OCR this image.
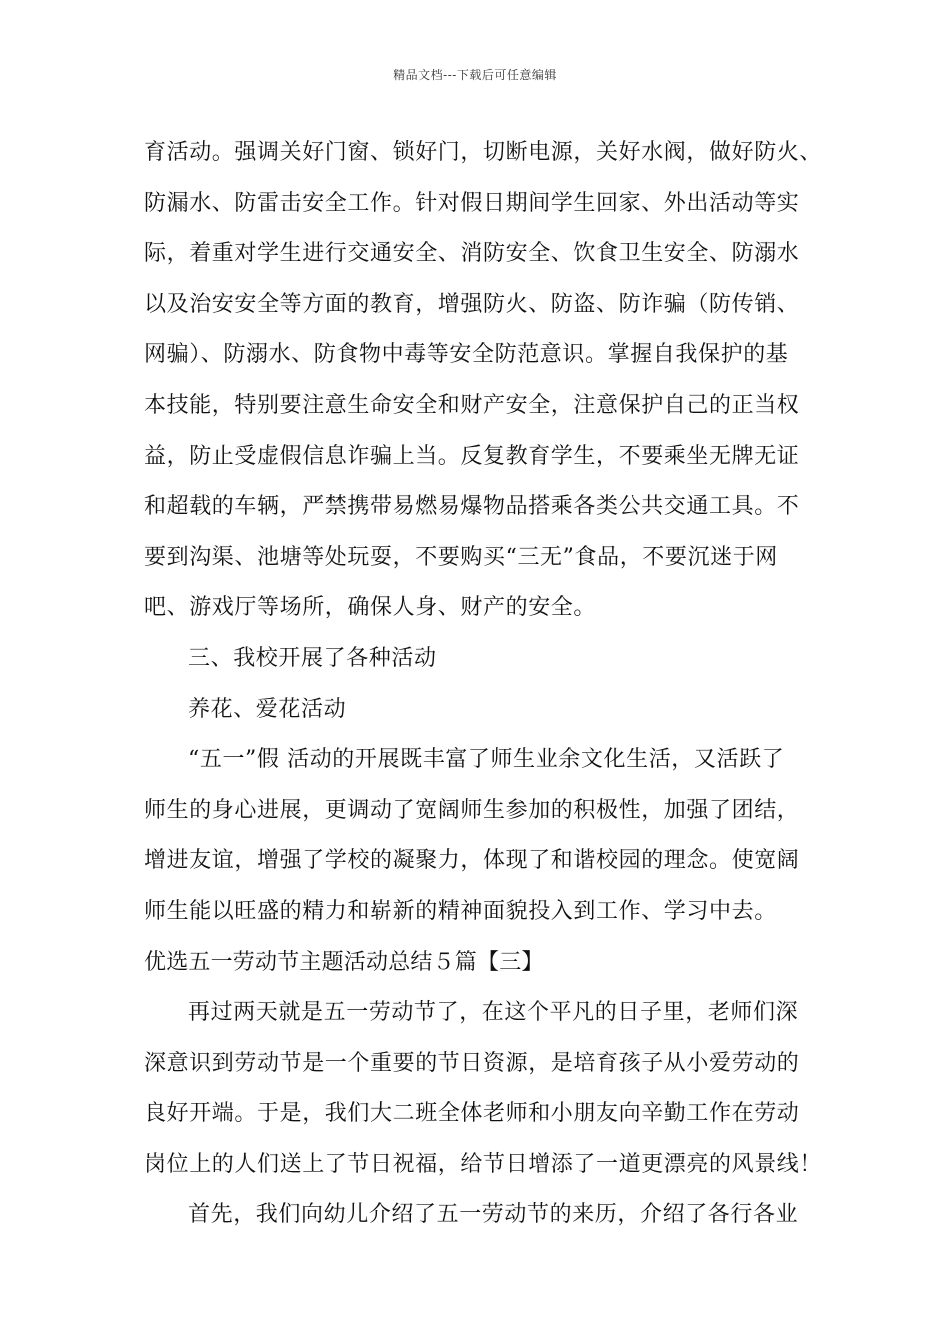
精品文档---下载后可任意编辑
育活动。强调关好门窗、锁好门，切断电源，关好水阀，做好防火、
防漏水、防雷击安全工作。针对假日期间学生回家、外出活动等实
际，着重对学生进行交通安全、消防安全、饮食卫生安全、防溺水
以及治安安全等方面的教育，增强防火、防盗、防诈骗（防传销、
网骗）、防溺水、防食物中毒等安全防范意识。掌握自我保护的基
本技能，特别要注意生命安全和财产安全，注意保护自己的正当权
益，防止受虚假信息诈骗上当。反复教育学生，不要乘坐无牌无证
和超载的车辆，严禁携带易燃易爆物品搭乘各类公共交通工具。不
要到沟渠、池塘等处玩耍，不要购买“三无”食品，不要沉迷于网
吧、游戏厅等场所，确保人身、财产的安全。
三、我校开展了各种活动
养花、爱花活动
“五一”假 活动的开展既丰富了师生业余文化生活，又活跃了
师生的身心进展，更调动了宽阔师生参加的积极性，加强了团结，
增进友谊，增强了学校的凝聚力，体现了和谐校园的理念。使宽阔
师生能以旺盛的精力和崭新的精神面貌投入到工作、学习中去。
优选五一劳动节主题活动总结５篇【三】
再过两天就是五一劳动节了，在这个平凡的日子里，老师们深
深意识到劳动节是一个重要的节日资源，是培育孩子从小爱劳动的
良好开端。于是，我们大二班全体老师和小朋友向辛勤工作在劳动
岗位上的人们送上了节日祝福，给节日增添了一道更漂亮的风景线！
首先，我们向幼儿介绍了五一劳动节的来历，介绍了各行各业
